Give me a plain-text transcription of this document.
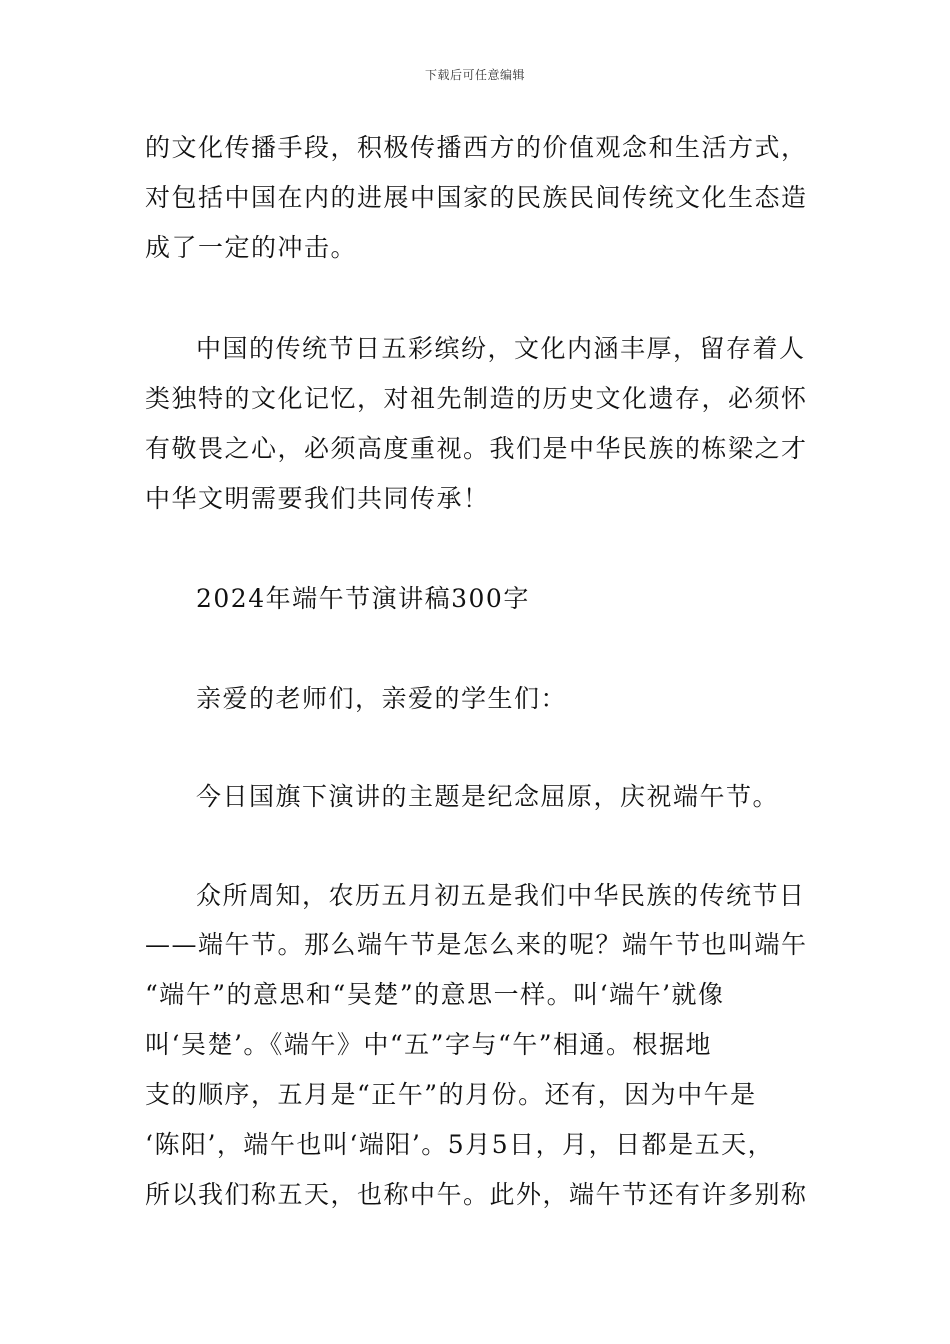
下载后可任意编辑
的文化传播手段，积极传播西方的价值观念和生活方式，
对包括中国在内的进展中国家的民族民间传统文化生态造
成了一定的冲击。
中国的传统节日五彩缤纷，文化内涵丰厚，留存着人
类独特的文化记忆，对祖先制造的历史文化遗存，必须怀
有敬畏之心，必须高度重视。我们是中华民族的栋梁之才
中华文明需要我们共同传承！
2024年端午节演讲稿300字
亲爱的老师们，亲爱的学生们：
今日国旗下演讲的主题是纪念屈原，庆祝端午节。
众所周知，农历五月初五是我们中华民族的传统节日
——端午节。那么端午节是怎么来的呢？端午节也叫端午
“端午”的意思和“吴楚”的意思一样。叫‘端午’就像
叫‘吴楚’。《端午》中“五”字与“午”相通。根据地
支的顺序，五月是“正午”的月份。还有，因为中午是
‘陈阳’，端午也叫‘端阳’。5月5日，月，日都是五天，
所以我们称五天，也称中午。此外，端午节还有许多别称
